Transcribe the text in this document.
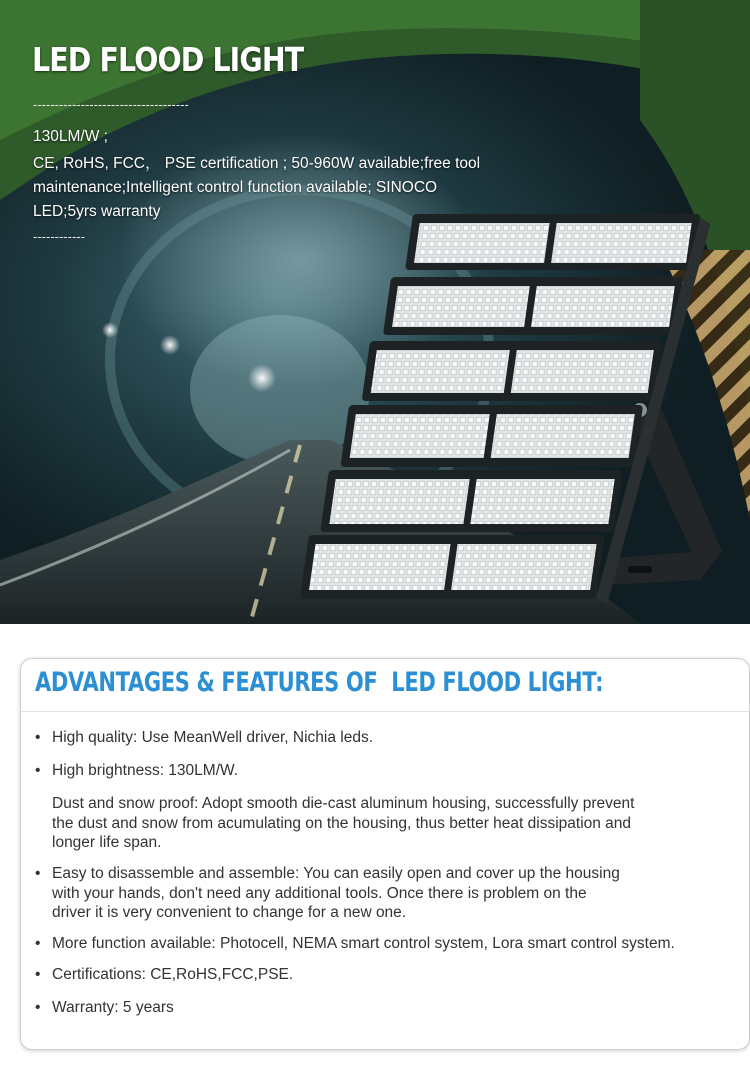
LED FLOOD LIGHT
------------------------------------
130LM/W ;
CE, RoHS, FCC， PSE certification ; 50-960W available;free tool
maintenance;Intelligent control function available; SINOCO
LED;5yrs warranty
------------
ADVANTAGES & FEATURES OF  LED FLOOD LIGHT:
• High quality: Use MeanWell driver, Nichia leds.
• High brightness: 130LM/W.
Dust and snow proof: Adopt smooth die-cast aluminum housing, successfully prevent
the dust and snow from acumulating on the housing, thus better heat dissipation and
longer life span.
• Easy to disassemble and assemble: You can easily open and cover up the housing
with your hands, don't need any additional tools. Once there is problem on the
driver it is very convenient to change for a new one.
• More function available: Photocell, NEMA smart control system, Lora smart control system.
• Certifications: CE,RoHS,FCC,PSE.
• Warranty: 5 years
